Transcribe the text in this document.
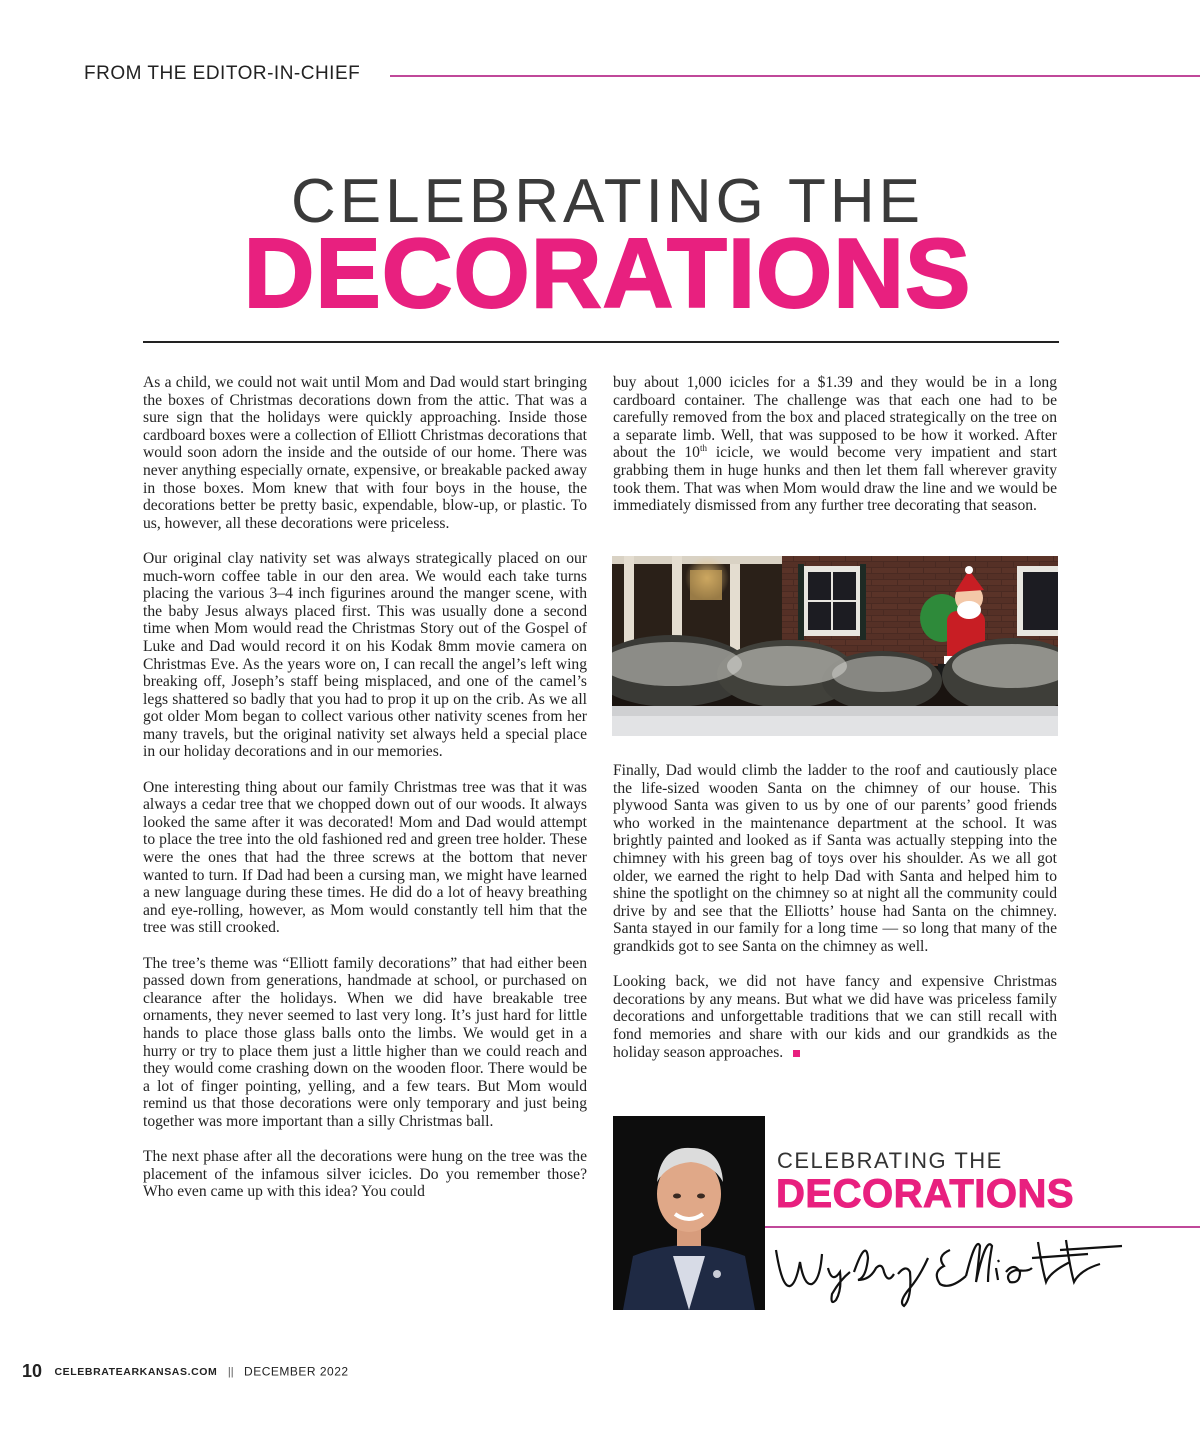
FROM THE EDITOR-IN-CHIEF
CELEBRATING THE
DECORATIONS

As a child, we could not wait until Mom and Dad would start bringing the boxes of Christmas decorations down from the attic. That was a sure sign that the holidays were quickly approaching. Inside those cardboard boxes were a collection of Elliott Christmas decorations that would soon adorn the inside and the outside of our home. There was never anything especially ornate, expensive, or breakable packed away in those boxes. Mom knew that with four boys in the house, the decorations better be pretty basic, expendable, blow-up, or plastic. To us, however, all these decorations were priceless.

Our original clay nativity set was always strategically placed on our much-worn coffee table in our den area. We would each take turns placing the various 3–4 inch figurines around the manger scene, with the baby Jesus always placed first. This was usually done a second time when Mom would read the Christmas Story out of the Gospel of Luke and Dad would record it on his Kodak 8mm movie camera on Christmas Eve. As the years wore on, I can recall the angel’s left wing breaking off, Joseph’s staff being misplaced, and one of the camel’s legs shattered so badly that you had to prop it up on the crib. As we all got older Mom began to collect various other nativity scenes from her many travels, but the original nativity set always held a special place in our holiday decorations and in our memories.

One interesting thing about our family Christmas tree was that it was always a cedar tree that we chopped down out of our woods. It always looked the same after it was decorated! Mom and Dad would attempt to place the tree into the old fashioned red and green tree holder. These were the ones that had the three screws at the bottom that never wanted to turn. If Dad had been a cursing man, we might have learned a new language during these times. He did do a lot of heavy breathing and eye-rolling, however, as Mom would constantly tell him that the tree was still crooked.

The tree’s theme was “Elliott family decorations” that had either been passed down from generations, handmade at school, or purchased on clearance after the holidays. When we did have breakable tree ornaments, they never seemed to last very long. It’s just hard for little hands to place those glass balls onto the limbs. We would get in a hurry or try to place them just a little higher than we could reach and they would come crashing down on the wooden floor. There would be a lot of finger pointing, yelling, and a few tears. But Mom would remind us that those decorations were only temporary and just being together was more important than a silly Christmas ball.

The next phase after all the decorations were hung on the tree was the placement of the infamous silver icicles. Do you remember those? Who even came up with this idea? You could

buy about 1,000 icicles for a $1.39 and they would be in a long cardboard container. The challenge was that each one had to be carefully removed from the box and placed strategically on the tree on a separate limb. Well, that was supposed to be how it worked. After about the 10th icicle, we would become very impatient and start grabbing them in huge hunks and then let them fall wherever gravity took them. That was when Mom would draw the line and we would be immediately dismissed from any further tree decorating that season.

Finally, Dad would climb the ladder to the roof and cautiously place the life-sized wooden Santa on the chimney of our house. This plywood Santa was given to us by one of our parents’ good friends who worked in the maintenance department at the school. It was brightly painted and looked as if Santa was actually stepping into the chimney with his green bag of toys over his shoulder. As we all got older, we earned the right to help Dad with Santa and helped him to shine the spotlight on the chimney so at night all the community could drive by and see that the Elliotts’ house had Santa on the chimney. Santa stayed in our family for a long time — so long that many of the grandkids got to see Santa on the chimney as well.

Looking back, we did not have fancy and expensive Christmas decorations by any means. But what we did have was priceless family decorations and unforgettable traditions that we can still recall with fond memories and share with our kids and our grandkids as the holiday season approaches.

CELEBRATING THE
DECORATIONS
10 CELEBRATEARKANSAS.COM || DECEMBER 2022
